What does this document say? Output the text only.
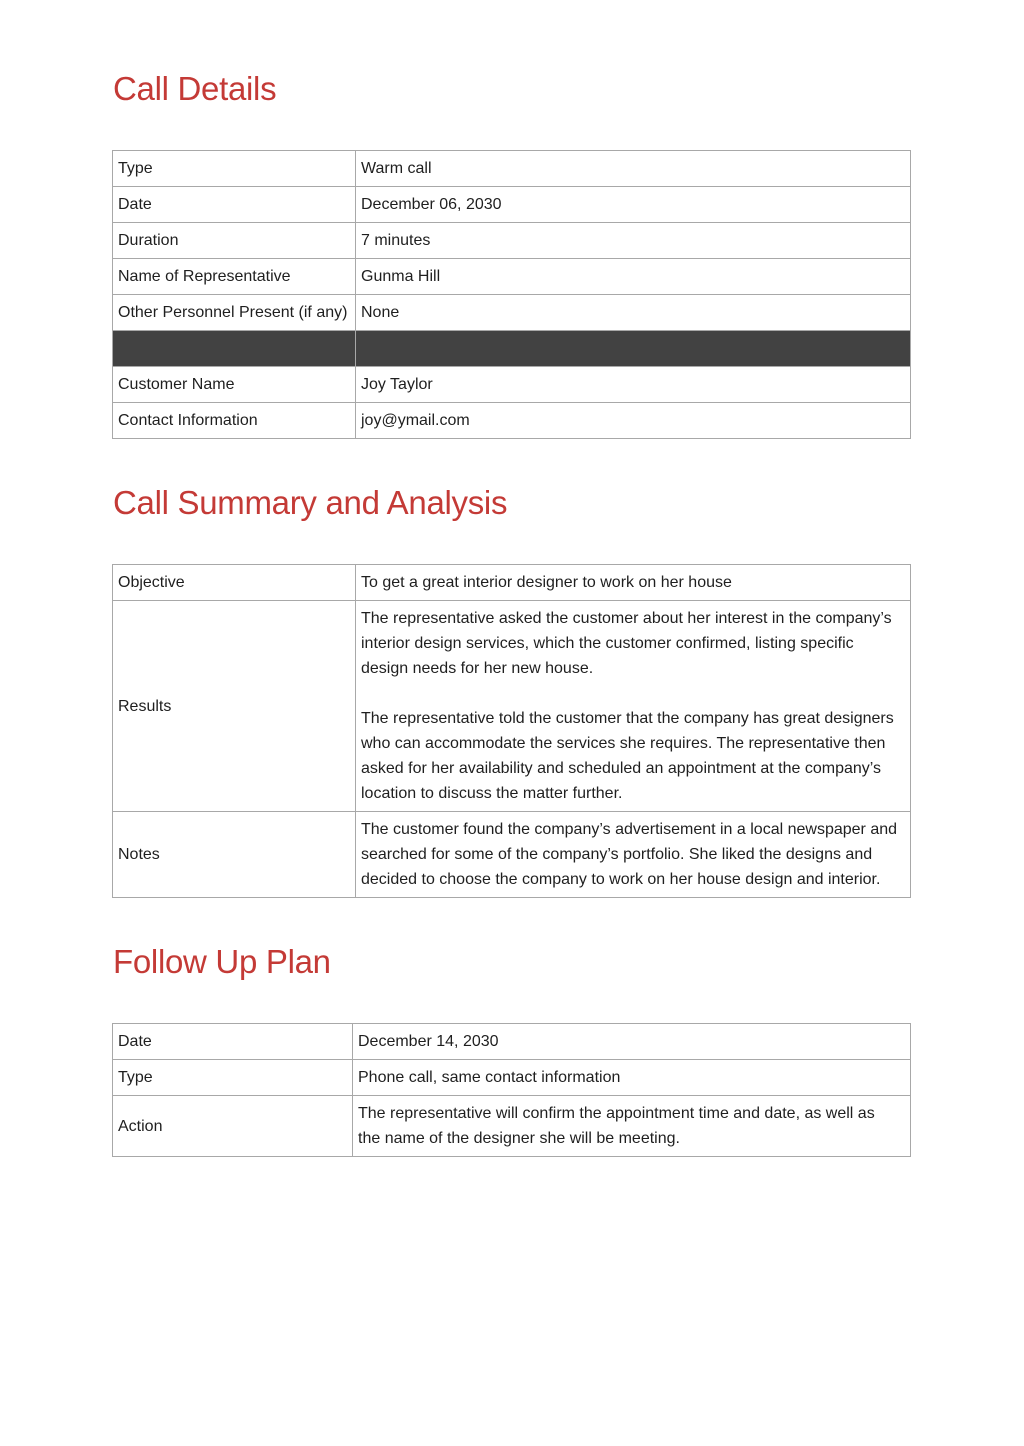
Call Details
Type	Warm call
Date	December 06, 2030
Duration	7 minutes
Name of Representative	Gunma Hill
Other Personnel Present (if any)	None

Customer Name	Joy Taylor
Contact Information	joy@ymail.com
Call Summary and Analysis
Objective	To get a great interior designer to work on her house
Results	The representative asked the customer about her interest in the company’s interior design services, which the customer confirmed, listing specific design needs for her new house.
The representative told the customer that the company has great designers who can accommodate the services she requires. The representative then asked for her availability and scheduled an appointment at the company’s location to discuss the matter further.

Notes	The customer found the company’s advertisement in a local newspaper and searched for some of the company’s portfolio. She liked the designs and decided to choose the company to work on her house design and interior.
Follow Up Plan
Date	December 14, 2030
Type	Phone call, same contact information
Action	The representative will confirm the appointment time and date, as well as the name of the designer she will be meeting.
